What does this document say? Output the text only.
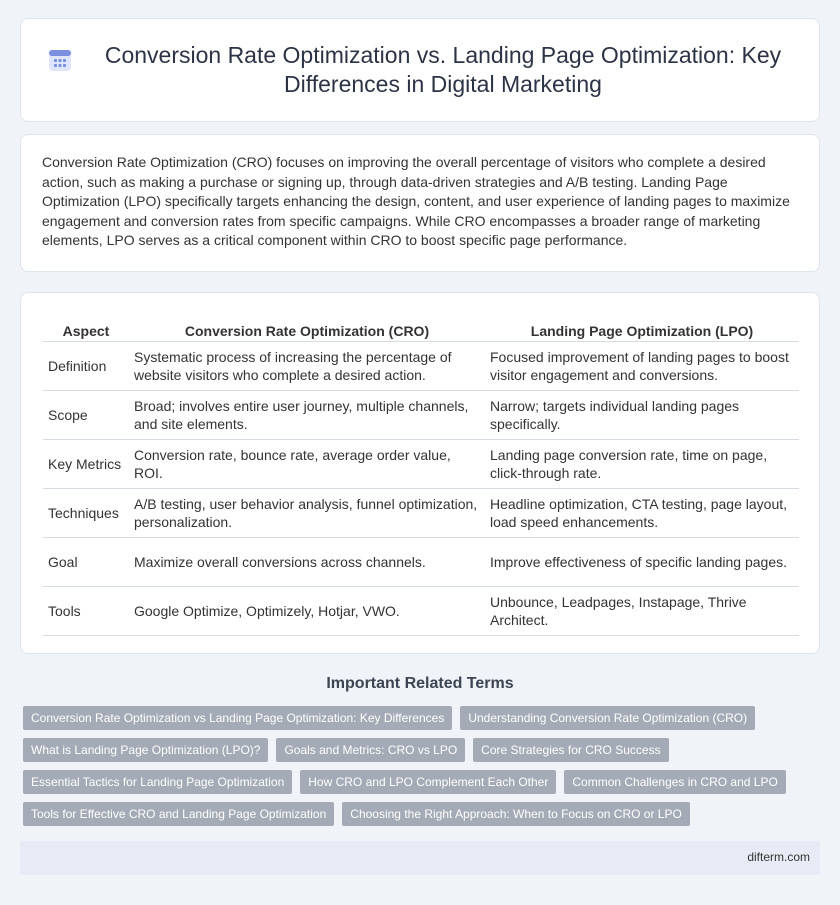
Conversion Rate Optimization vs. Landing Page Optimization: Key Differences in Digital Marketing

Conversion Rate Optimization (CRO) focuses on improving the overall percentage of visitors who complete a desired action, such as making a purchase or signing up, through data-driven strategies and A/B testing. Landing Page Optimization (LPO) specifically targets enhancing the design, content, and user experience of landing pages to maximize engagement and conversion rates from specific campaigns. While CRO encompasses a broader range of marketing elements, LPO serves as a critical component within CRO to boost specific page performance.

Aspect	Conversion Rate Optimization (CRO)	Landing Page Optimization (LPO)
Definition	Systematic process of increasing the percentage of website visitors who complete a desired action.	Focused improvement of landing pages to boost visitor engagement and conversions.
Scope	Broad; involves entire user journey, multiple channels, and site elements.	Narrow; targets individual landing pages specifically.
Key Metrics	Conversion rate, bounce rate, average order value, ROI.	Landing page conversion rate, time on page, click-through rate.
Techniques	A/B testing, user behavior analysis, funnel optimization, personalization.	Headline optimization, CTA testing, page layout, load speed enhancements.
Goal	Maximize overall conversions across channels.	Improve effectiveness of specific landing pages.
Tools	Google Optimize, Optimizely, Hotjar, VWO.	Unbounce, Leadpages, Instapage, Thrive Architect.
Important Related Terms
Conversion Rate Optimization vs Landing Page Optimization: Key Differences	Understanding Conversion Rate Optimization (CRO)
What is Landing Page Optimization (LPO)?	Goals and Metrics: CRO vs LPO	Core Strategies for CRO Success
Essential Tactics for Landing Page Optimization	How CRO and LPO Complement Each Other	Common Challenges in CRO and LPO
Tools for Effective CRO and Landing Page Optimization	Choosing the Right Approach: When to Focus on CRO or LPO
difterm.com
